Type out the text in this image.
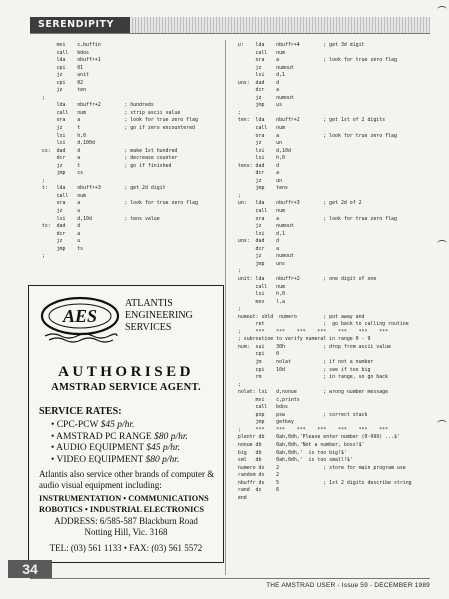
SERENDIPITY
mvi    c,buffin
call   bdos
lda    nbuffr+1
cpi    01
jz     unit
cpi    02
jz     ten
;
lda    nbuffr+2        ; hundreds
call   num             ; strip ascii value
ora    a               ; look for true zero flag
jz     t               ; go if zero encountered
lxi    h,0
lxi    d,100d
cs:  dad    d               ; make 1st hundred
dcr    a               ; decrease counter
jz     t               ; go if finished
jmp    cs
;
t:   lda    nbuffr+3        ; get 2d digit
call   num
ora    a               ; look for true zero flag
jz     u
lxi    d,10d           ; tens value
ts:  dad    d
dcr    a
jz     u
jmp    ts
;
u:    lda    nbuffr+4        ; get 3d digit
call   num
ora    a               ; look for true zero flag
jz     numout
lxi    d,1
uns:  dad    d
dcr    a
jz     numout
jmp    us
;
ten:  lda    nbuffr+2        ; get 1st of 2 digits
call   num
ora    a               ; look for true zero flag
jz     un
lxi    d,10d
lxi    h,0
tens: dad    d
dcr    a
jz     un
jmp    tens
;
un:   lda    nbuffr+3        ; get 2d of 2
call   num
ora    a               ; look for true zero flag
jz     numout
lxi    d,1
uns:  dad    d
dcr    a
jz     numout
jmp    uns
;
unit: lda    nbuffr+2        ; one digit of one
call   num
lxi    h,0
mov    l,a
;
numout: shld  numero         ; put away and
ret                    ;  go back to calling routine
;     ***    ***    ***    ***    ***    ***    ***
; subroutine to verify numeral in range 0 - 9
num:  sui    30h             ; drop from ascii value
cpi    0
jm     nolat           ; if not a number
cpi    10d             ; see if too big
rm                     ; in range, so go back
;
nolat: lxi   d,nonue         ; wrong number message
mvi    c,prints
call   bdos
pop    psw             ; correct stack
jmp    getkey
;     ***    ***    ***    ***    ***    ***    ***
plentr db    0ah,0dh,'Please enter number (0-999) ...$'
nonue db     0ah,0dh,'Not a number, boss!$'
big   db     0ah,0dh,'  is too big!$'
sml   db     0ah,0dh,'  is too small!$'
numero ds    2               ; store for main program use
random ds    2
nbuffr ds    5               ; 1st 2 digits describe string
rand  ds     6
end
AES
ATLANTIS
ENGINEERING
SERVICES
AUTHORISED
AMSTRAD SERVICE AGENT.
SERVICE RATES:
• CPC-PCW $45 p/hr.
• AMSTRAD PC RANGE $80 p/hr.
• AUDIO EQUIPMENT $45 p/hr.
• VIDEO EQUIPMENT $80 p/hr.
Atlantis also service other brands of computer & audio visual equipment including:
INSTRUMENTATION • COMMUNICATIONS
ROBOTICS • INDUSTRIAL ELECTRONICS
ADDRESS: 6/585-587 Blackburn Road
Notting Hill, Vic. 3168
TEL: (03) 561 1133 • FAX: (03) 561 5572
34
THE AMSTRAD USER - Issue 59 - DECEMBER 1989
